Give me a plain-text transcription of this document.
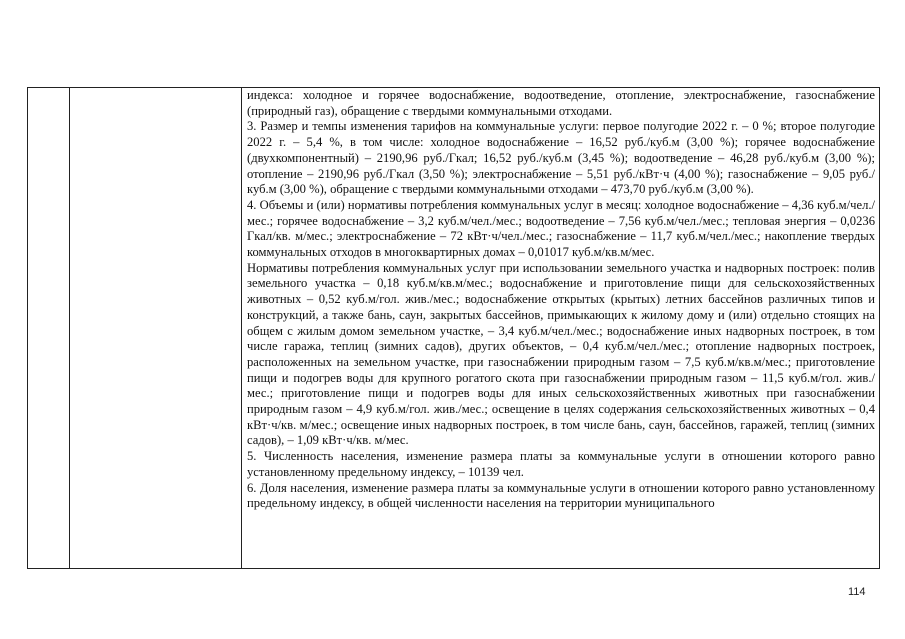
индекса: холодное и горячее водоснабжение, водоотведение, отопление, электроснабжение, газоснабжение (природный газ), обращение с твердыми коммунальными отходами.

3. Размер и темпы изменения тарифов на коммунальные услуги: первое полугодие 2022 г. – 0 %; второе полугодие 2022 г. – 5,4 %, в том числе: холодное водоснабжение – 16,52 руб./куб.м (3,00 %); горячее водоснабжение (двухкомпонентный) – 2190,96 руб./Гкал; 16,52 руб./куб.м (3,45 %); водоотведение – 46,28 руб./куб.м (3,00 %); отопление – 2190,96 руб./Гкал (3,50 %); электроснабжение – 5,51 руб./кВт·ч (4,00 %); газоснабжение – 9,05 руб./куб.м (3,00 %), обращение с твердыми коммунальными отходами – 473,70 руб./куб.м (3,00 %).

4. Объемы и (или) нормативы потребления коммунальных услуг в месяц: холодное водоснабжение – 4,36 куб.м/чел./мес.; горячее водоснабжение – 3,2 куб.м/чел./мес.; водоотведение – 7,56 куб.м/чел./мес.; тепловая энергия – 0,0236 Гкал/кв. м/мес.; электроснабжение – 72 кВт·ч/чел./мес.; газоснабжение – 11,7 куб.м/чел./мес.; накопление твердых коммунальных отходов в многоквартирных домах – 0,01017 куб.м/кв.м/мес.

Нормативы потребления коммунальных услуг при использовании земельного участка и надворных построек: полив земельного участка – 0,18 куб.м/кв.м/мес.; водоснабжение и приготовление пищи для сельскохозяйственных животных – 0,52 куб.м/гол. жив./мес.; водоснабжение открытых (крытых) летних бассейнов различных типов и конструкций, а также бань, саун, закрытых бассейнов, примыкающих к жилому дому и (или) отдельно стоящих на общем с жилым домом земельном участке, – 3,4 куб.м/чел./мес.; водоснабжение иных надворных построек, в том числе гаража, теплиц (зимних садов), других объектов, – 0,4 куб.м/чел./мес.; отопление надворных построек, расположенных на земельном участке, при газоснабжении природным газом – 7,5 куб.м/кв.м/мес.; приготовление пищи и подогрев воды для крупного рогатого скота при газоснабжении природным газом – 11,5 куб.м/гол. жив./мес.; приготовление пищи и подогрев воды для иных сельскохозяйственных животных при газоснабжении природным газом – 4,9 куб.м/гол. жив./мес.; освещение в целях содержания сельскохозяйственных животных – 0,4 кВт·ч/кв. м/мес.; освещение иных надворных построек, в том числе бань, саун, бассейнов, гаражей, теплиц (зимних садов), – 1,09 кВт·ч/кв. м/мес.

5. Численность населения, изменение размера платы за коммунальные услуги в отношении которого равно установленному предельному индексу, – 10139 чел.

6. Доля населения, изменение размера платы за коммунальные услуги в отношении которого равно установленному предельному индексу, в общей численности населения на территории муниципального

114
